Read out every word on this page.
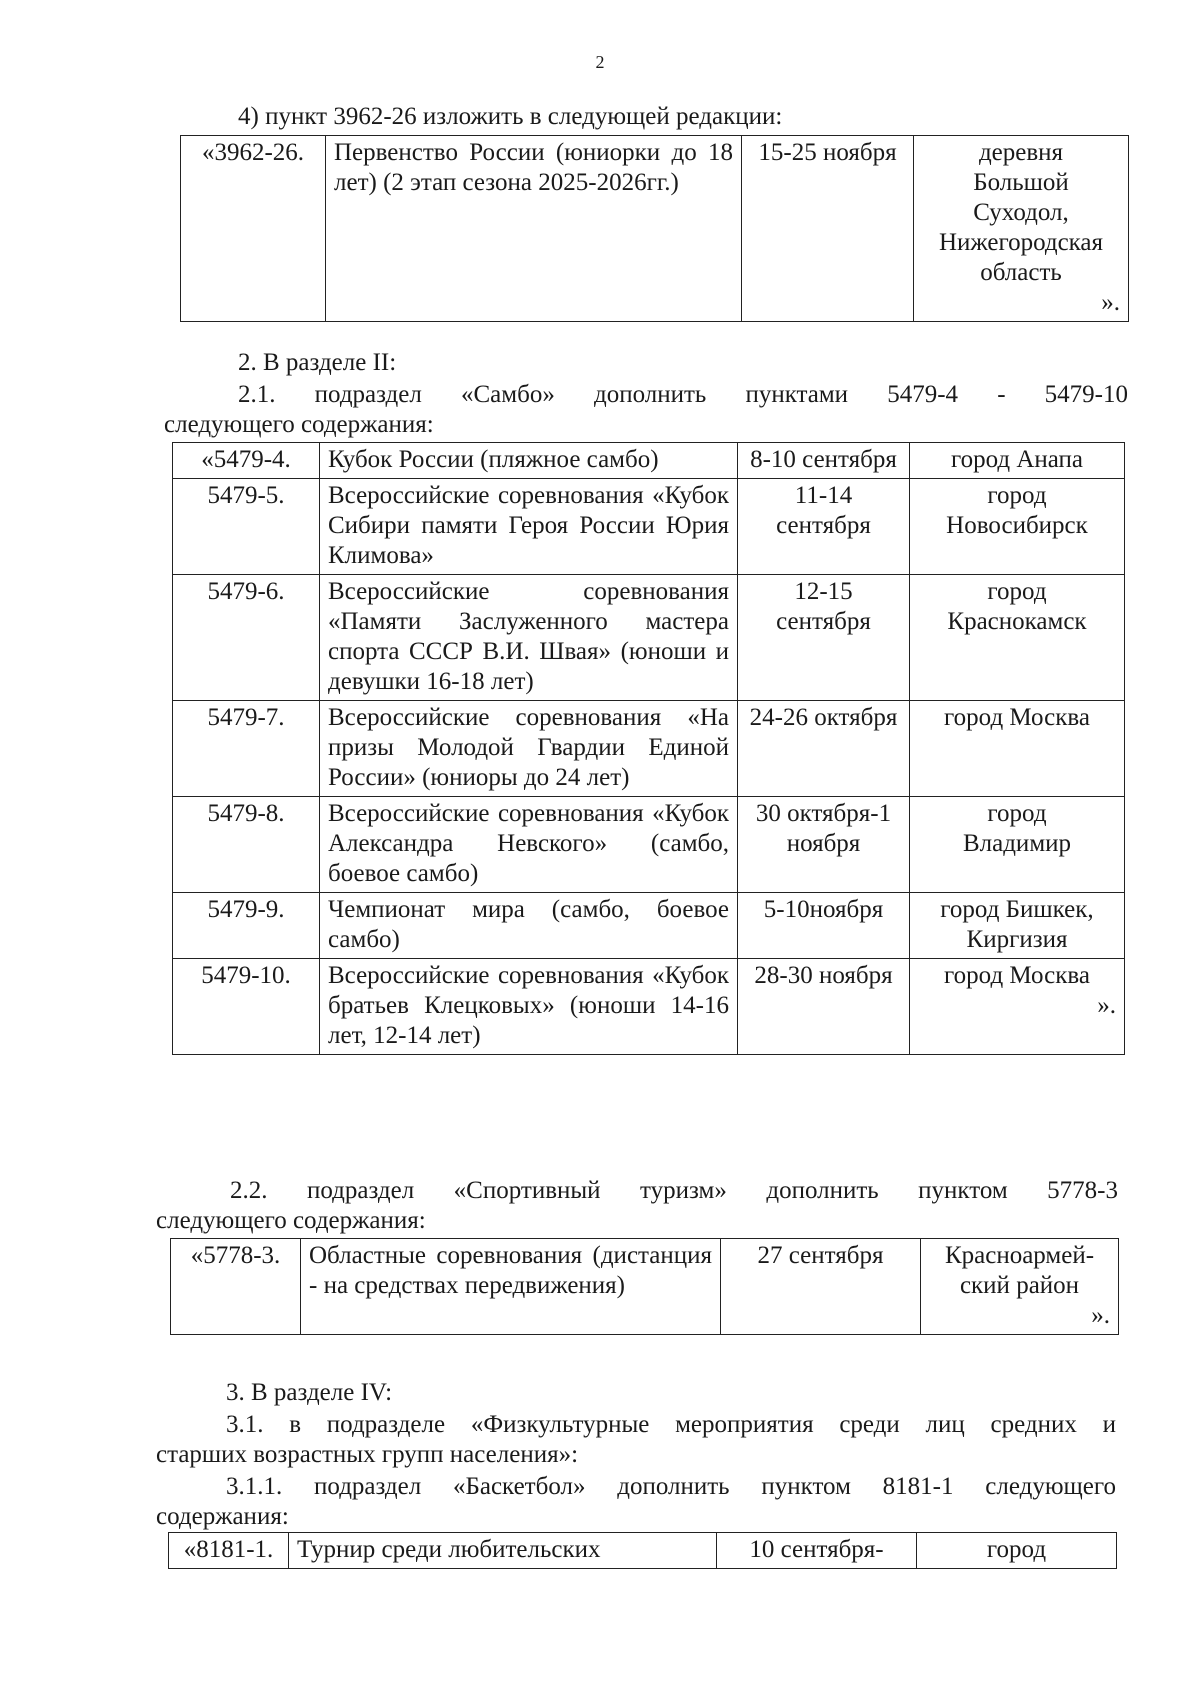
2
4) пункт 3962-26 изложить в следующей редакции:
«3962-26.	Первенство России (юниорки до 18 лет) (2 этап сезона 2025-2026гг.)	15-25 ноября	деревня
Большой
Суходол,
Нижегородская
область
».
2. В разделе II:
2.1. подраздел «Самбо» дополнить пунктами 5479-4 - 5479-10
следующего содержания:
«5479-4.	Кубок России (пляжное самбо)	8-10 сентября	город Анапа

5479-5.	Всероссийские соревнования «Кубок Сибири памяти Героя России Юрия Климова»	11-14 сентября	город
Новосибирск

5479-6.	Всероссийские соревнования «Памяти Заслуженного мастера спорта СССР В.И. Швая» (юноши и девушки 16-18 лет)	12-15 сентября	город
Краснокамск

5479-7.	Всероссийские соревнования «На призы Молодой Гвардии Единой России» (юниоры до 24 лет)	24-26 октября	город Москва

5479-8.	Всероссийские соревнования «Кубок Александра Невского» (самбо, боевое самбо)	30 октября-1 ноября	город
Владимир

5479-9.	Чемпионат мира (самбо, боевое самбо)	5-10ноября	город Бишкек,
Киргизия

5479-10.	Всероссийские соревнования «Кубок братьев Клецковых» (юноши 14-16 лет, 12-14 лет)	28-30 ноября	город Москва
».
2.2. подраздел «Спортивный туризм» дополнить пунктом 5778-3
следующего содержания:
«5778-3.	Областные соревнования (дистанция - на средствах передвижения)	27 сентября	Красноармей-
ский район
».
3. В разделе IV:
3.1. в подразделе «Физкультурные мероприятия среди лиц средних и
старших возрастных групп населения»:
3.1.1. подраздел «Баскетбол» дополнить пунктом 8181-1 следующего
содержания:
«8181-1.	Турнир среди любительских	10 сентября-	город
